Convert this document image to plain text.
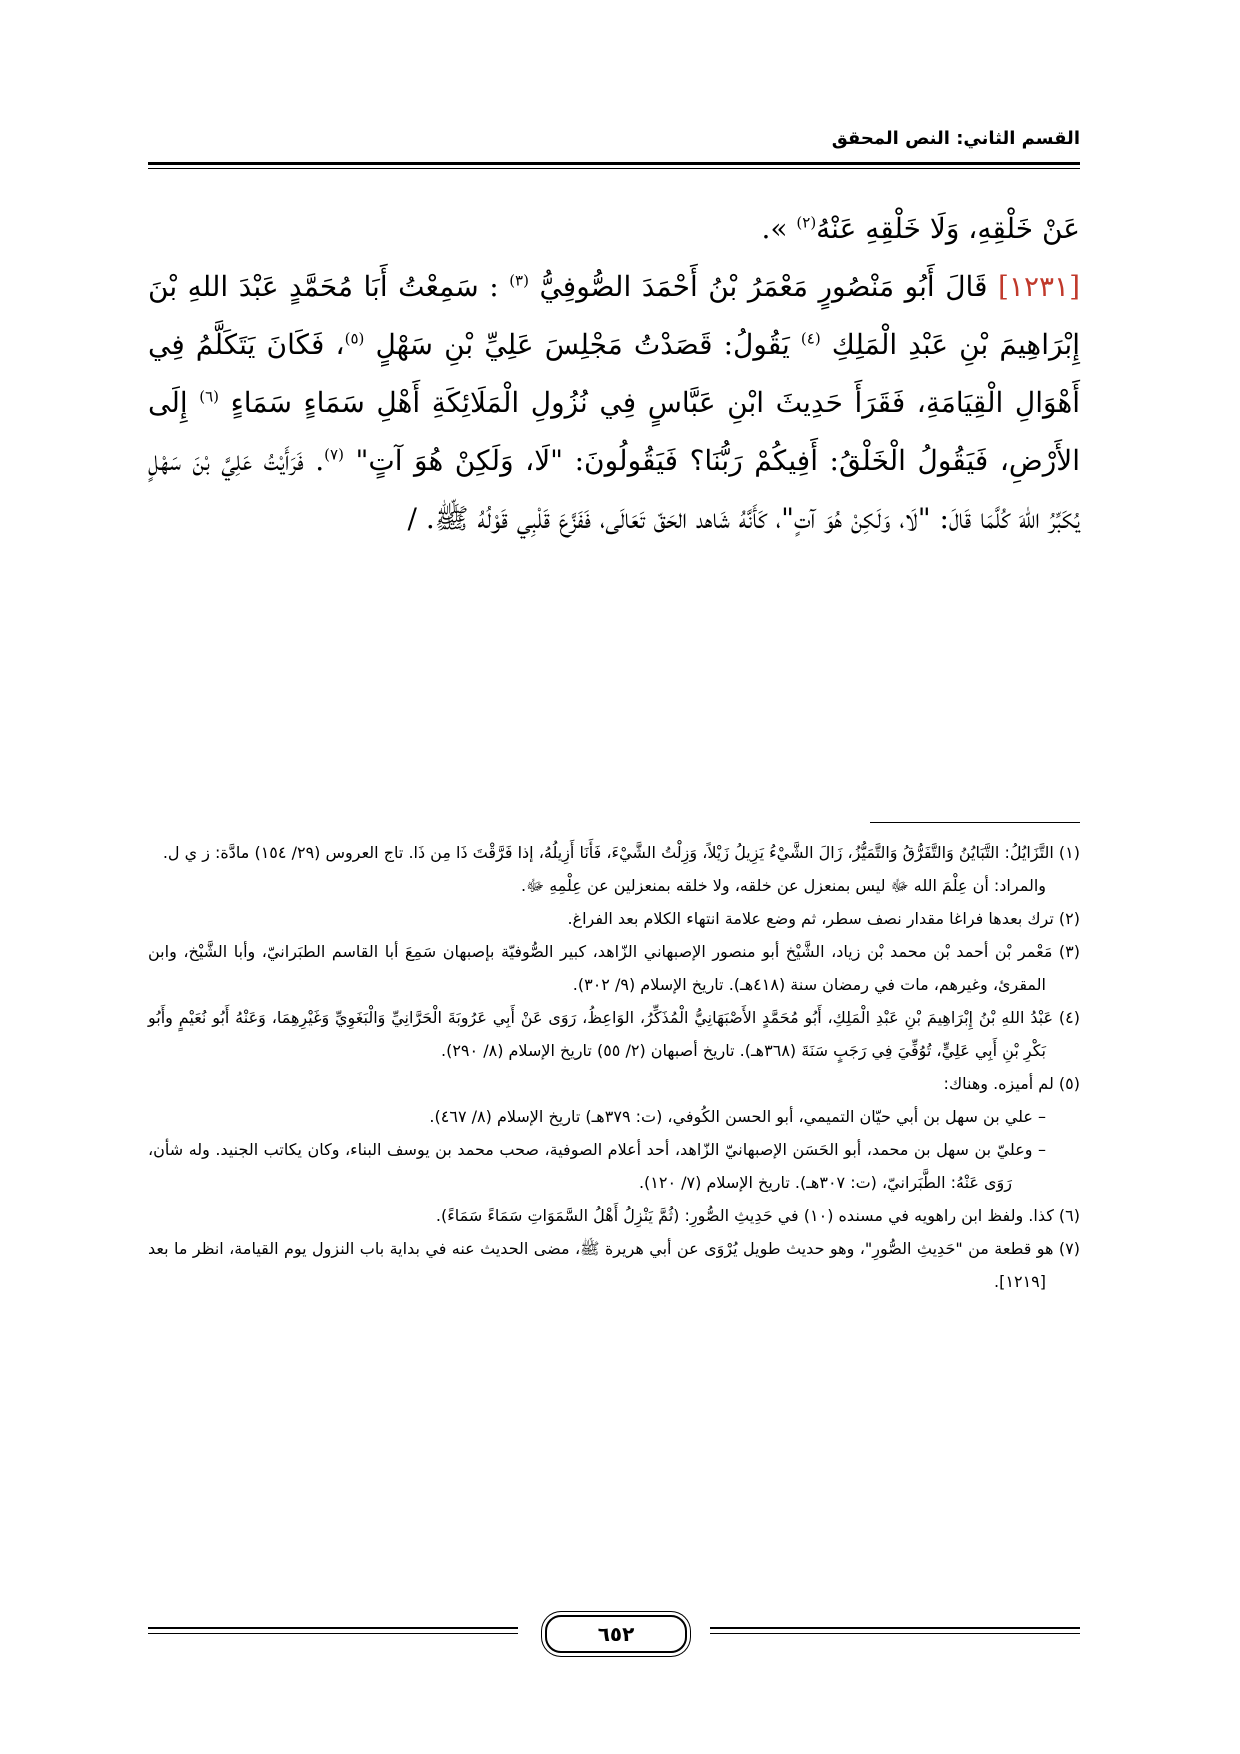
القسم الثاني: النص المحقق

عَنْ خَلْقِهِ، وَلَا خَلْقِهِ عَنْهُ$^{(٢)}$ ».

[١٢٣١] قَالَ أَبُو مَنْصُورٍ مَعْمَرُ بْنُ أَحْمَدَ الصُّوفِيُّ $^{(٣)}$ : سَمِعْتُ أَبَا مُحَمَّدٍ عَبْدَ اللهِ بْنَ إِبْرَاهِيمَ بْنِ عَبْدِ الْمَلِكِ $^{(٤)}$ يَقُولُ: قَصَدْتُ مَجْلِسَ عَلِيِّ بْنِ سَهْلٍ $^{(٥)}$، فَكَانَ يَتَكَلَّمُ فِي أَهْوَالِ الْقِيَامَةِ، فَقَرَأَ حَدِيثَ ابْنِ عَبَّاسٍ فِي نُزُولِ الْمَلَائِكَةِ أَهْلِ سَمَاءٍ سَمَاءٍ $^{(٦)}$ إِلَى الأَرْضِ، فَيَقُولُ الْخَلْقُ: أَفِيكُمْ رَبُّنَا؟ فَيَقُولُونَ: "لَا، وَلَكِنْ هُوَ آتٍ" $^{(٧)}$. فَرَأَيْتُ عَلِيَّ بْنَ سَهْلٍ يُكَبِّرُ اللهَ كُلَّمَا قَالَ: "لَا، وَلَكِنْ هُوَ آتٍ"، كَأَنَّهُ شَاهد الحَقّ تَعَالَى، فَفَزَّعَ قَلْبِي قَوْلُهُ ﷺ. /

(١) التَّزَايُلُ: التَّبَايُنُ وَالتَّفَرُّقُ وَالتَّمَيُّزُ، زَالَ الشَّيْءُ يَزِيلُ زَيْلاً، وَزِلْتُ الشَّيْءَ، فَأَنَا أَزِيلُهُ، إذا فَرَّقْتَ ذَا مِن ذَا. تاج العروس (٢٩/ ١٥٤) مادَّة: ز ي ل.

والمراد: أن عِلْمَ الله ﷻ ليس بمنعزل عن خلقه، ولا خلقه بمنعزلين عن عِلْمِهِ ﷻ.

(٢) ترك بعدها فراغا مقدار نصف سطر، ثم وضع علامة انتهاء الكلام بعد الفراغ.

(٣) مَعْمر بْن أحمد بْن محمد بْن زياد، الشَّيْخ أبو منصور الإصبهاني الزّاهد، كبير الصُّوفيّة بإصبهان سَمِعَ أبا القاسم الطبَرانيّ، وأبا الشَّيْخ، وابن المقرئ، وغيرهم، مات في رمضان سنة (٤١٨هـ). تاريخ الإسلام (٩/ ٣٠٢).

(٤) عَبْدُ اللهِ بْنُ إِبْرَاهِيمَ بْنِ عَبْدِ الْمَلِكِ، أَبُو مُحَمَّدٍ الأَصْبَهَانِيُّ الْمُذَكِّرُ، الوَاعِظُ، رَوَى عَنْ أَبِي عَرُوبَةَ الْحَرَّانِيِّ وَالْبَغَوِيِّ وَغَيْرِهِمَا، وَعَنْهُ أَبُو نُعَيْمٍ وأَبُو بَكْرِ بْنِ أَبِي عَلِيٍّ، تُوُفِّيَ فِي رَجَبٍ سَنَةَ (٣٦٨هـ). تاريخ أصبهان (٢/ ٥٥) تاريخ الإسلام (٨/ ٢٩٠).

(٥) لم أميزه. وهناك:

– علي بن سهل بن أبي حيّان التميمي، أبو الحسن الكُوفي، (ت: ٣٧٩هـ) تاريخ الإسلام (٨/ ٤٦٧).

– وعليّ بن سهل بن محمد، أبو الحَسَن الإصبهانيّ الزّاهد، أحد أعلام الصوفية، صحب محمد بن يوسف البناء، وكان يكاتب الجنيد. وله شأن، رَوَى عَنْهُ: الطَّبَرانيّ، (ت: ٣٠٧هـ). تاريخ الإسلام (٧/ ١٢٠).

(٦) كذا. ولفظ ابن راهويه في مسنده (١٠) في حَدِيثِ الصُّورِ: (ثُمَّ يَنْزِلُ أَهْلُ السَّمَوَاتِ سَمَاءً سَمَاءً).

(٧) هو قطعة من "حَدِيثِ الصُّورِ"، وهو حديث طويل يُرْوَى عن أبي هريرة ﷺ، مضى الحديث عنه في بداية باب النزول يوم القيامة، انظر ما بعد [١٢١٩].

٦٥٢
